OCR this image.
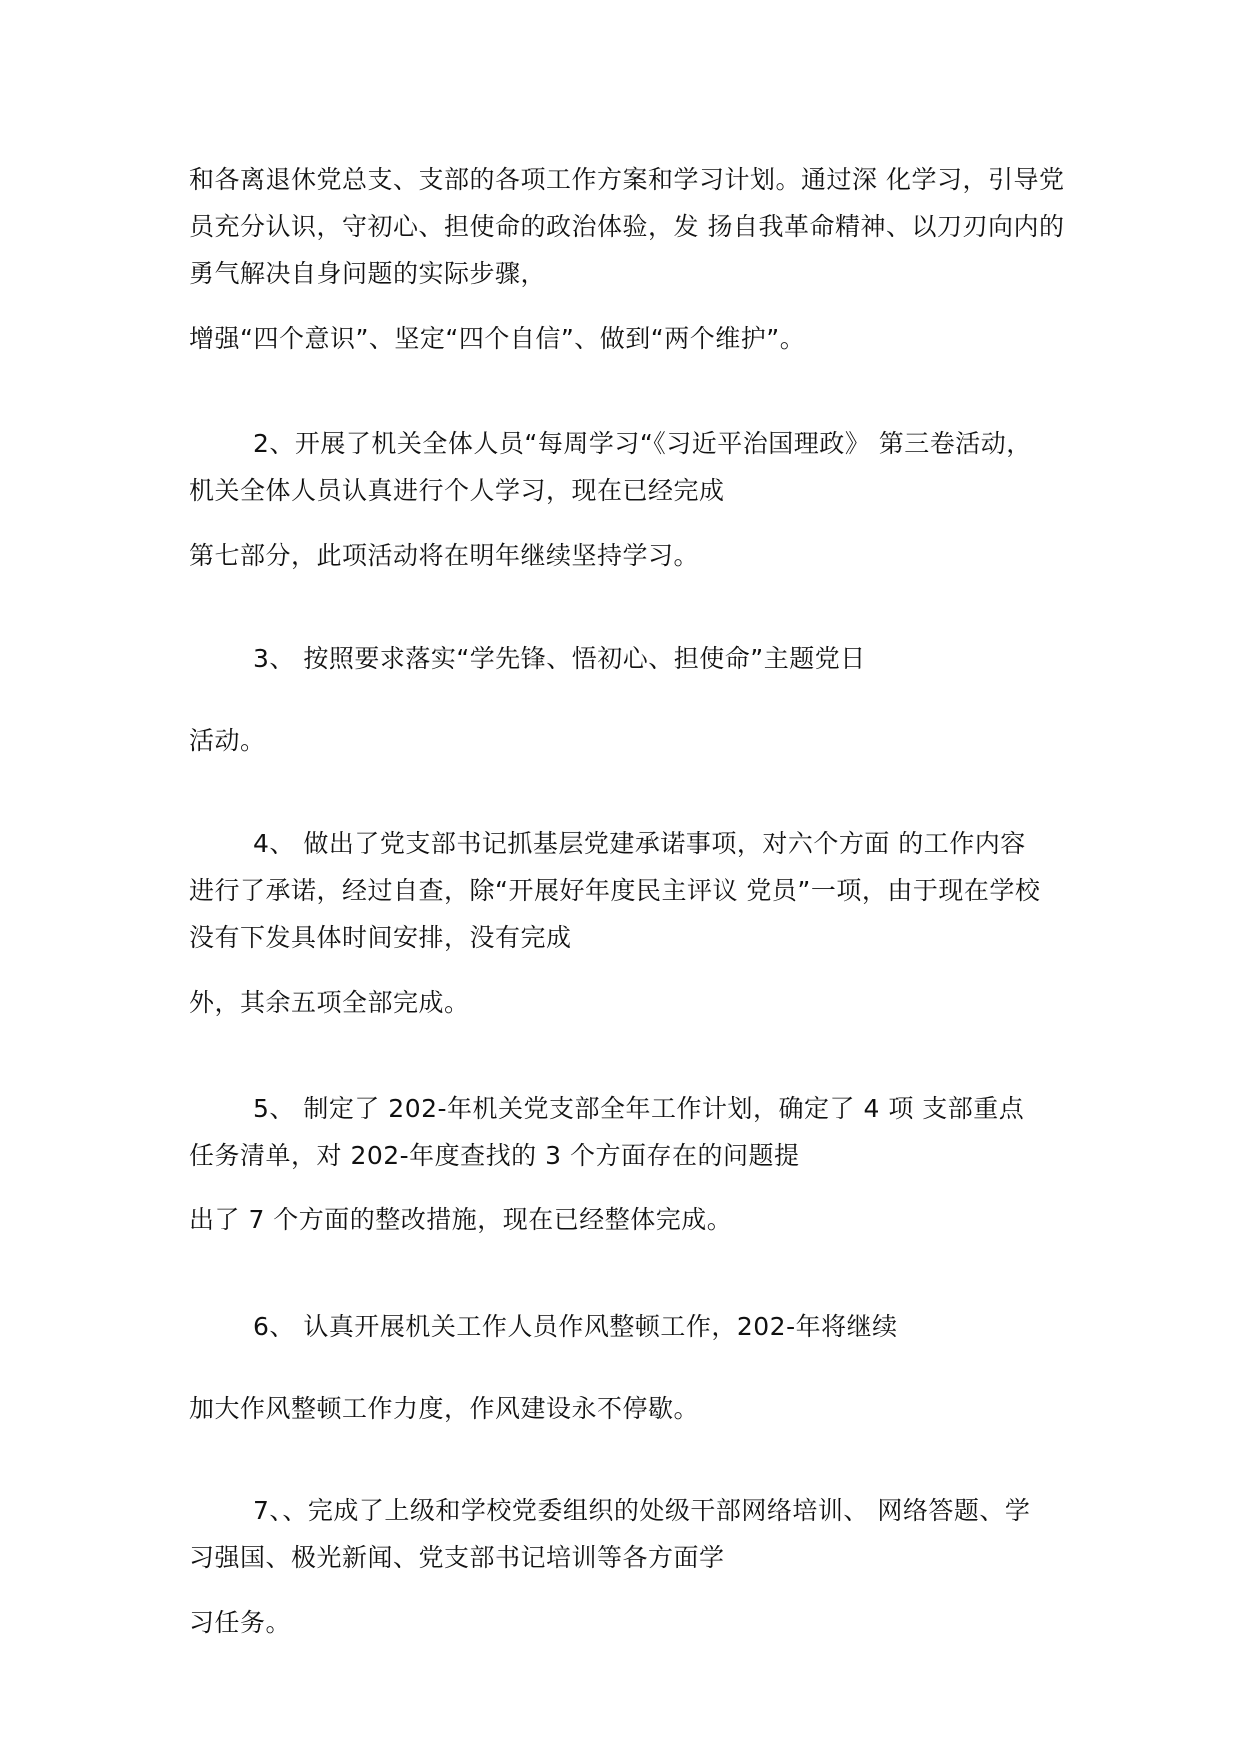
和各离退休党总支、支部的各项工作方案和学习计划。通过深 化学习，引导党
员充分认识，守初心、担使命的政治体验，发 扬自我革命精神、以刀刃向内的
勇气解决自身问题的实际步骤，
增强“四个意识”、坚定“四个自信”、做到“两个维护”。
2、开展了机关全体人员“每周学习“《习近平治国理政》 第三卷活动，
机关全体人员认真进行个人学习，现在已经完成
第七部分，此项活动将在明年继续坚持学习。
3、 按照要求落实“学先锋、悟初心、担使命”主题党日
活动。
4、 做出了党支部书记抓基层党建承诺事项，对六个方面 的工作内容
进行了承诺，经过自查，除“开展好年度民主评议 党员”一项，由于现在学校
没有下发具体时间安排，没有完成
外，其余五项全部完成。
5、 制定了 202-年机关党支部全年工作计划，确定了 4 项 支部重点
任务清单，对 202-年度查找的 3 个方面存在的问题提
出了 7 个方面的整改措施，现在已经整体完成。
6、 认真开展机关工作人员作风整顿工作，202-年将继续
加大作风整顿工作力度，作风建设永不停歇。
7、、完成了上级和学校党委组织的处级干部网络培训、 网络答题、学
习强国、极光新闻、党支部书记培训等各方面学
习任务。
